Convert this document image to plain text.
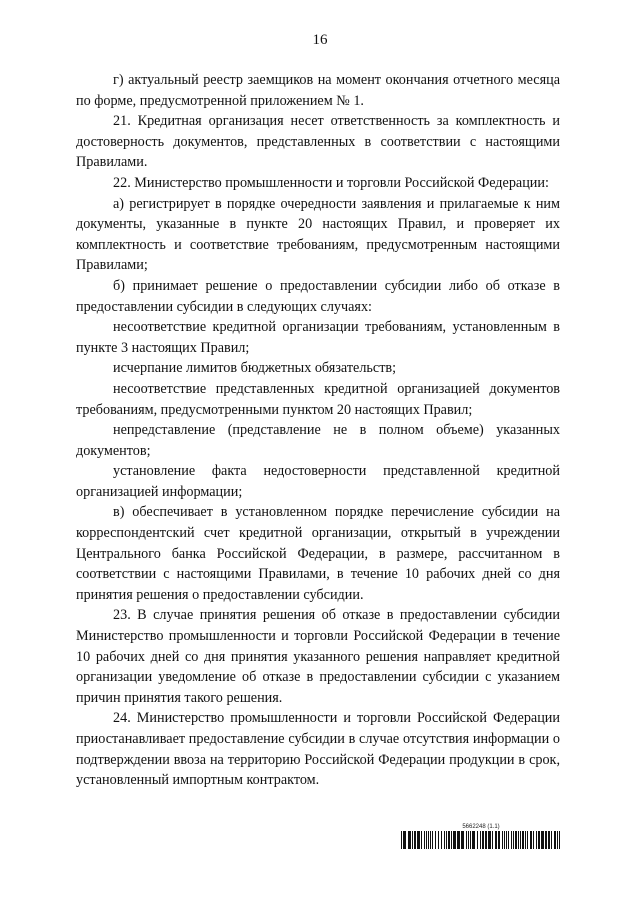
16

г) актуальный реестр заемщиков на момент окончания отчетного месяца по форме, предусмотренной приложением № 1.

21. Кредитная организация несет ответственность за комплектность и достоверность документов, представленных в соответствии с настоящими Правилами.

22. Министерство промышленности и торговли Российской Федерации:

а) регистрирует в порядке очередности заявления и прилагаемые к ним документы, указанные в пункте 20 настоящих Правил, и проверяет их комплектность и соответствие требованиям, предусмотренным настоящими Правилами;

б) принимает решение о предоставлении субсидии либо об отказе в предоставлении субсидии в следующих случаях:

несоответствие кредитной организации требованиям, установленным в пункте 3 настоящих Правил;

исчерпание лимитов бюджетных обязательств;

несоответствие представленных кредитной организацией документов требованиям, предусмотренными пунктом 20 настоящих Правил;

непредставление (представление не в полном объеме) указанных документов;

установление факта недостоверности представленной кредитной организацией информации;

в) обеспечивает в установленном порядке перечисление субсидии на корреспондентский счет кредитной организации, открытый в учреждении Центрального банка Российской Федерации, в размере, рассчитанном в соответствии с настоящими Правилами, в течение 10 рабочих дней со дня принятия решения о предоставлении субсидии.

23. В случае принятия решения об отказе в предоставлении субсидии Министерство промышленности и торговли Российской Федерации в течение 10 рабочих дней со дня принятия указанного решения направляет кредитной организации уведомление об отказе в предоставлении субсидии с указанием причин принятия такого решения.

24. Министерство промышленности и торговли Российской Федерации приостанавливает предоставление субсидии в случае отсутствия информации о подтверждении ввоза на территорию Российской Федерации продукции в срок, установленный импортным контрактом.

5662248 (1.1)
